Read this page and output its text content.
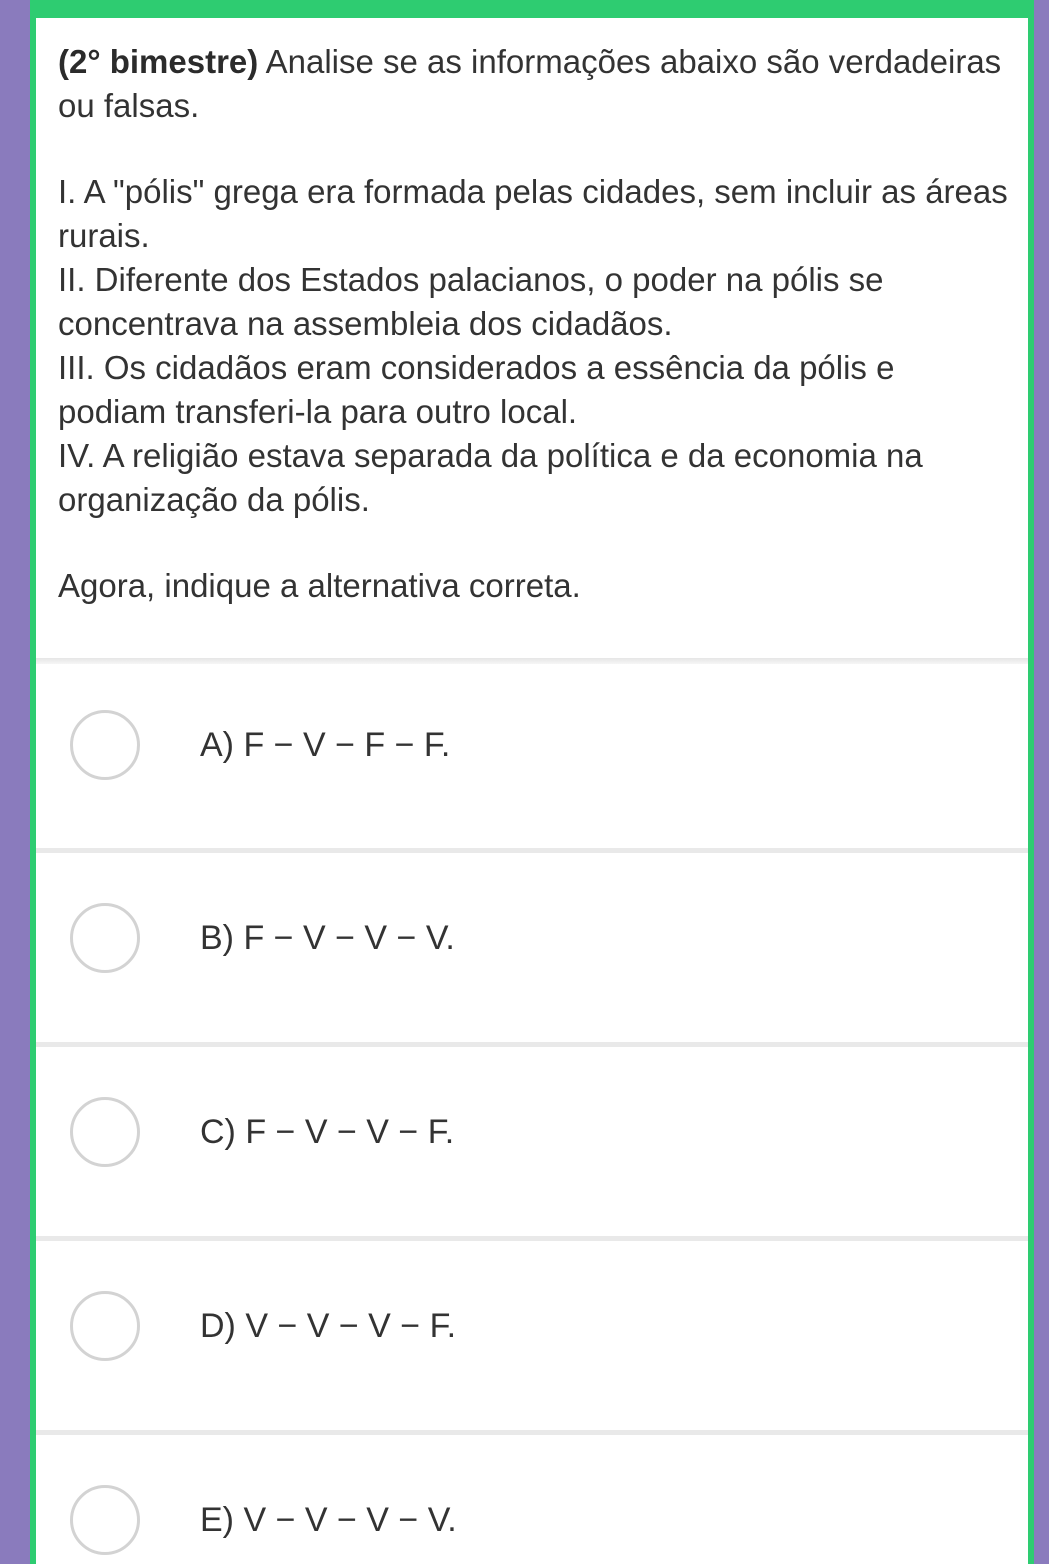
(2° bimestre) Analise se as informações abaixo são verdadeiras ou falsas.

I. A "pólis" grega era formada pelas cidades, sem incluir as áreas rurais.

II. Diferente dos Estados palacianos, o poder na pólis se concentrava na assembleia dos cidadãos.

III. Os cidadãos eram considerados a essência da pólis e podiam transferi-la para outro local.

IV. A religião estava separada da política e da economia na organização da pólis.

Agora, indique a alternativa correta.

A) F − V − F − F.
B) F − V − V − V.
C) F − V − V − F.
D) V − V − V − F.
E) V − V − V − V.
